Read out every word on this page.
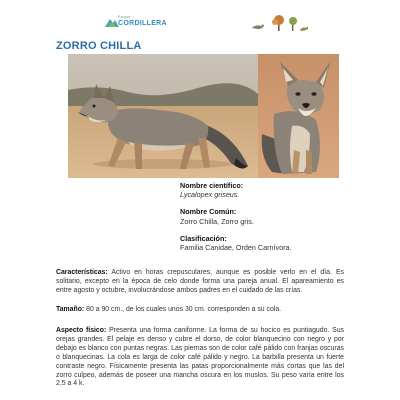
Parque
CORDILLERA
ZORRO CHILLA
Nombre científico:
Lycalopex griseus.
Nombre Común:
Zorro Chilla, Zorro gris.
Clasificación:
Familia Canidae, Orden Carnívora.

Características: Activo en horas crepusculares, aunque es posible verlo en el día. Es solitario, excepto en la época de celo donde forma una pareja anual. El apareamiento es entre agosto y octubre, involucrándose ambos padres en el cuidado de las crías.

Tamaño: 80 a 90 cm., de los cuales unos 30 cm. corresponden a su cola.

Aspecto físico: Presenta una forma caniforme. La forma de su hocico es puntiagudo. Sus orejas grandes. El pelaje es denso y cubre el dorso, de color blanquecino con negro y por debajo es blanco con puntas negras. Las piernas son de color café pálido con franjas oscuras o blanquecinas. La cola es larga de color café pálido y negro. La barbilla presenta un fuerte contraste negro. Físicamente presenta las patas proporcionalmente más cortas que las del zorro culpeo, además de poseer una mancha oscura en los muslos. Su peso varía entre los 2,5 a 4 k.
